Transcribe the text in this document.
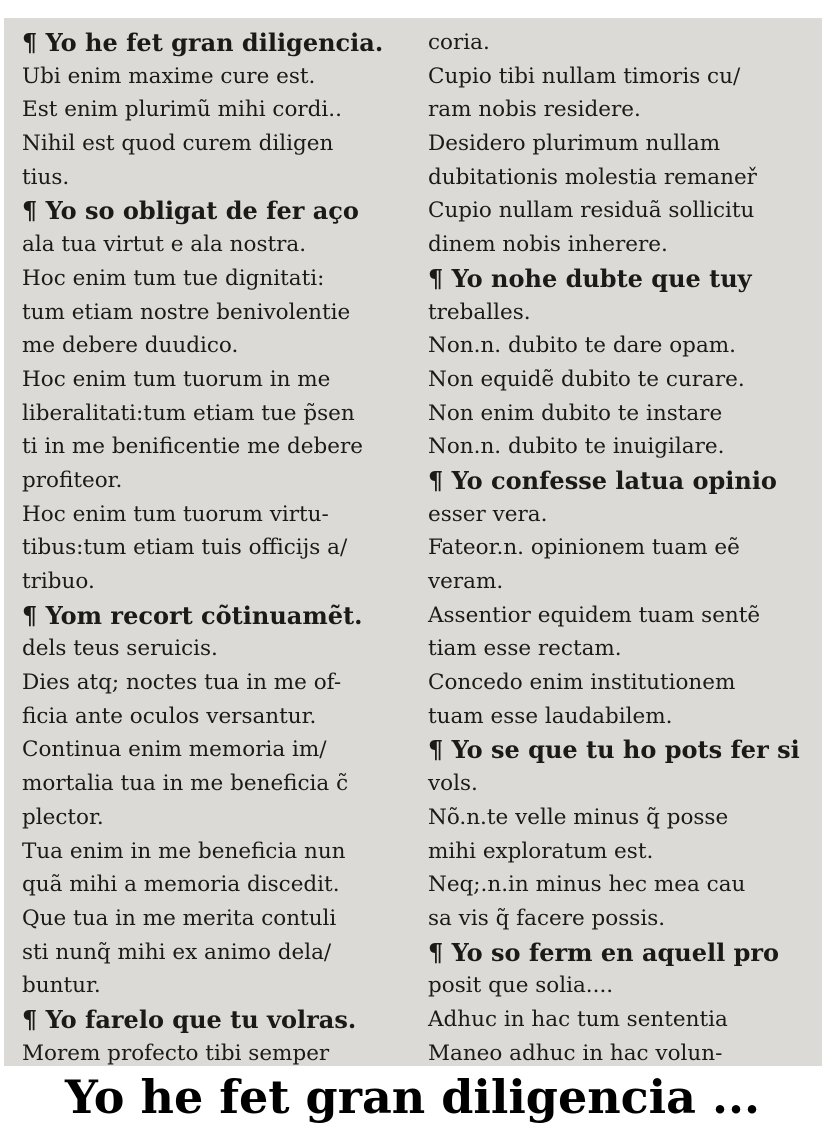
¶ Yo he fet gran diligencia.
Ubi enim maxime cure est.
Est enim plurimũ mihi cordi..
Nihil est quod curem diligen
tius.
¶ Yo so obligat de fer aço
ala tua virtut e ala nostra.
Hoc enim tum tue dignitati:
tum etiam nostre benivolentie
me debere duudico.
Hoc enim tum tuorum in me
liberalitati:tum etiam tue p̃sen
ti in me benificentie me debere
profiteor.
Hoc enim tum tuorum virtu-
tibus:tum etiam tuis officijs a/
tribuo.
¶ Yom recort cõtinuamẽt.
dels teus seruicis.
Dies atq; noctes tua in me of-
ficia ante oculos versantur.
Continua enim memoria im/
mortalia tua in me beneficia c̃
plector.
Tua enim in me beneficia nun
quã mihi a memoria discedit.
Que tua in me merita contuli
sti nunq̃ mihi ex animo dela/
buntur.
¶ Yo farelo que tu volras.
Morem profecto tibi semper
coria.
Cupio tibi nullam timoris cu/
ram nobis residere.
Desidero plurimum nullam
dubitationis molestia remaneř
Cupio nullam residuã sollicitu
dinem nobis inherere.
¶ Yo nohe dubte que tuy
treballes.
Non.n. dubito te dare opam.
Non equidẽ dubito te curare.
Non enim dubito te instare
Non.n. dubito te inuigilare.
¶ Yo confesse latua opinio
esser vera.
Fateor.n. opinionem tuam eẽ
veram.
Assentior equidem tuam sentẽ
tiam esse rectam.
Concedo enim institutionem
tuam esse laudabilem.
¶ Yo se que tu ho pots fer si
vols.
Nõ.n.te velle minus q̃ posse
mihi exploratum est.
Neq;.n.in minus hec mea cau
sa vis q̃ facere possis.
¶ Yo so ferm en aquell pro
posit que solia....
Adhuc in hac tum sententia
Maneo adhuc in hac volun-
Yo he fet gran diligencia ...
